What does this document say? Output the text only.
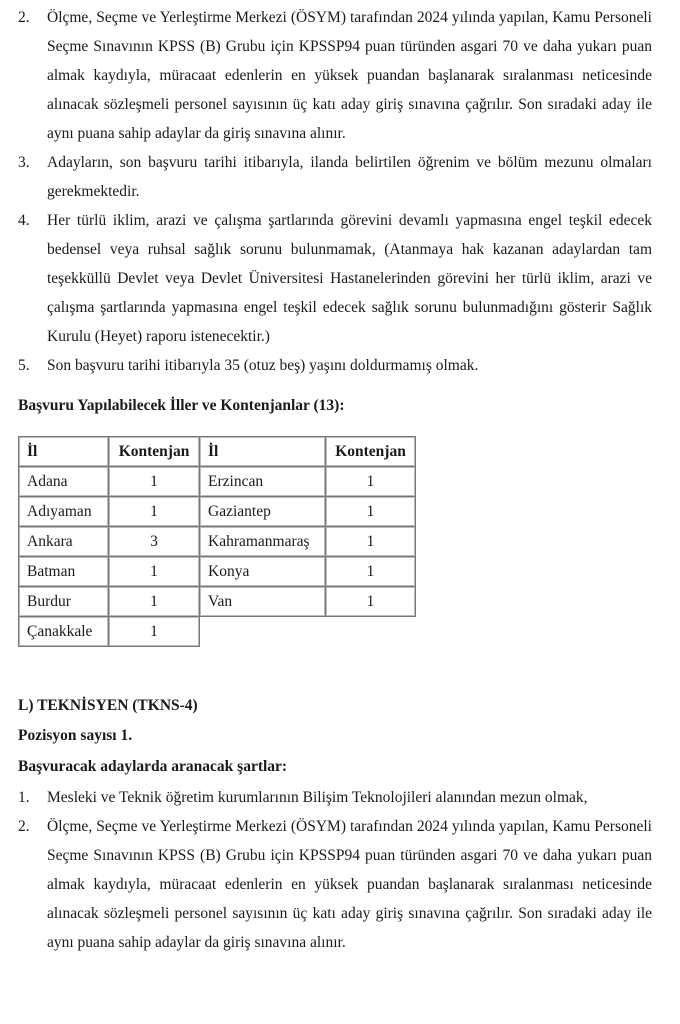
2. Ölçme, Seçme ve Yerleştirme Merkezi (ÖSYM) tarafından 2024 yılında yapılan, Kamu Personeli Seçme Sınavının KPSS (B) Grubu için KPSSP94 puan türünden asgari 70 ve daha yukarı puan almak kaydıyla, müracaat edenlerin en yüksek puandan başlanarak sıralanması neticesinde alınacak sözleşmeli personel sayısının üç katı aday giriş sınavına çağrılır. Son sıradaki aday ile aynı puana sahip adaylar da giriş sınavına alınır.
3. Adayların, son başvuru tarihi itibarıyla, ilanda belirtilen öğrenim ve bölüm mezunu olmaları gerekmektedir.
4. Her türlü iklim, arazi ve çalışma şartlarında görevini devamlı yapmasına engel teşkil edecek bedensel veya ruhsal sağlık sorunu bulunmamak, (Atanmaya hak kazanan adaylardan tam teşekküllü Devlet veya Devlet Üniversitesi Hastanelerinden görevini her türlü iklim, arazi ve çalışma şartlarında yapmasına engel teşkil edecek sağlık sorunu bulunmadığını gösterir Sağlık Kurulu (Heyet) raporu istenecektir.)
5. Son başvuru tarihi itibarıyla 35 (otuz beş) yaşını doldurmamış olmak.
Başvuru Yapılabilecek İller ve Kontenjanlar (13):
İl	Kontenjan	İl	Kontenjan
Adana	1	Erzincan	1
Adıyaman	1	Gaziantep	1
Ankara	3	Kahramanmaraş	1
Batman	1	Konya	1
Burdur	1	Van	1
Çanakkale	1		
L) TEKNİSYEN (TKNS-4)
Pozisyon sayısı 1.
Başvuracak adaylarda aranacak şartlar:
1. Mesleki ve Teknik öğretim kurumlarının Bilişim Teknolojileri alanından mezun olmak,
2. Ölçme, Seçme ve Yerleştirme Merkezi (ÖSYM) tarafından 2024 yılında yapılan, Kamu Personeli Seçme Sınavının KPSS (B) Grubu için KPSSP94 puan türünden asgari 70 ve daha yukarı puan almak kaydıyla, müracaat edenlerin en yüksek puandan başlanarak sıralanması neticesinde alınacak sözleşmeli personel sayısının üç katı aday giriş sınavına çağrılır. Son sıradaki aday ile aynı puana sahip adaylar da giriş sınavına alınır.
